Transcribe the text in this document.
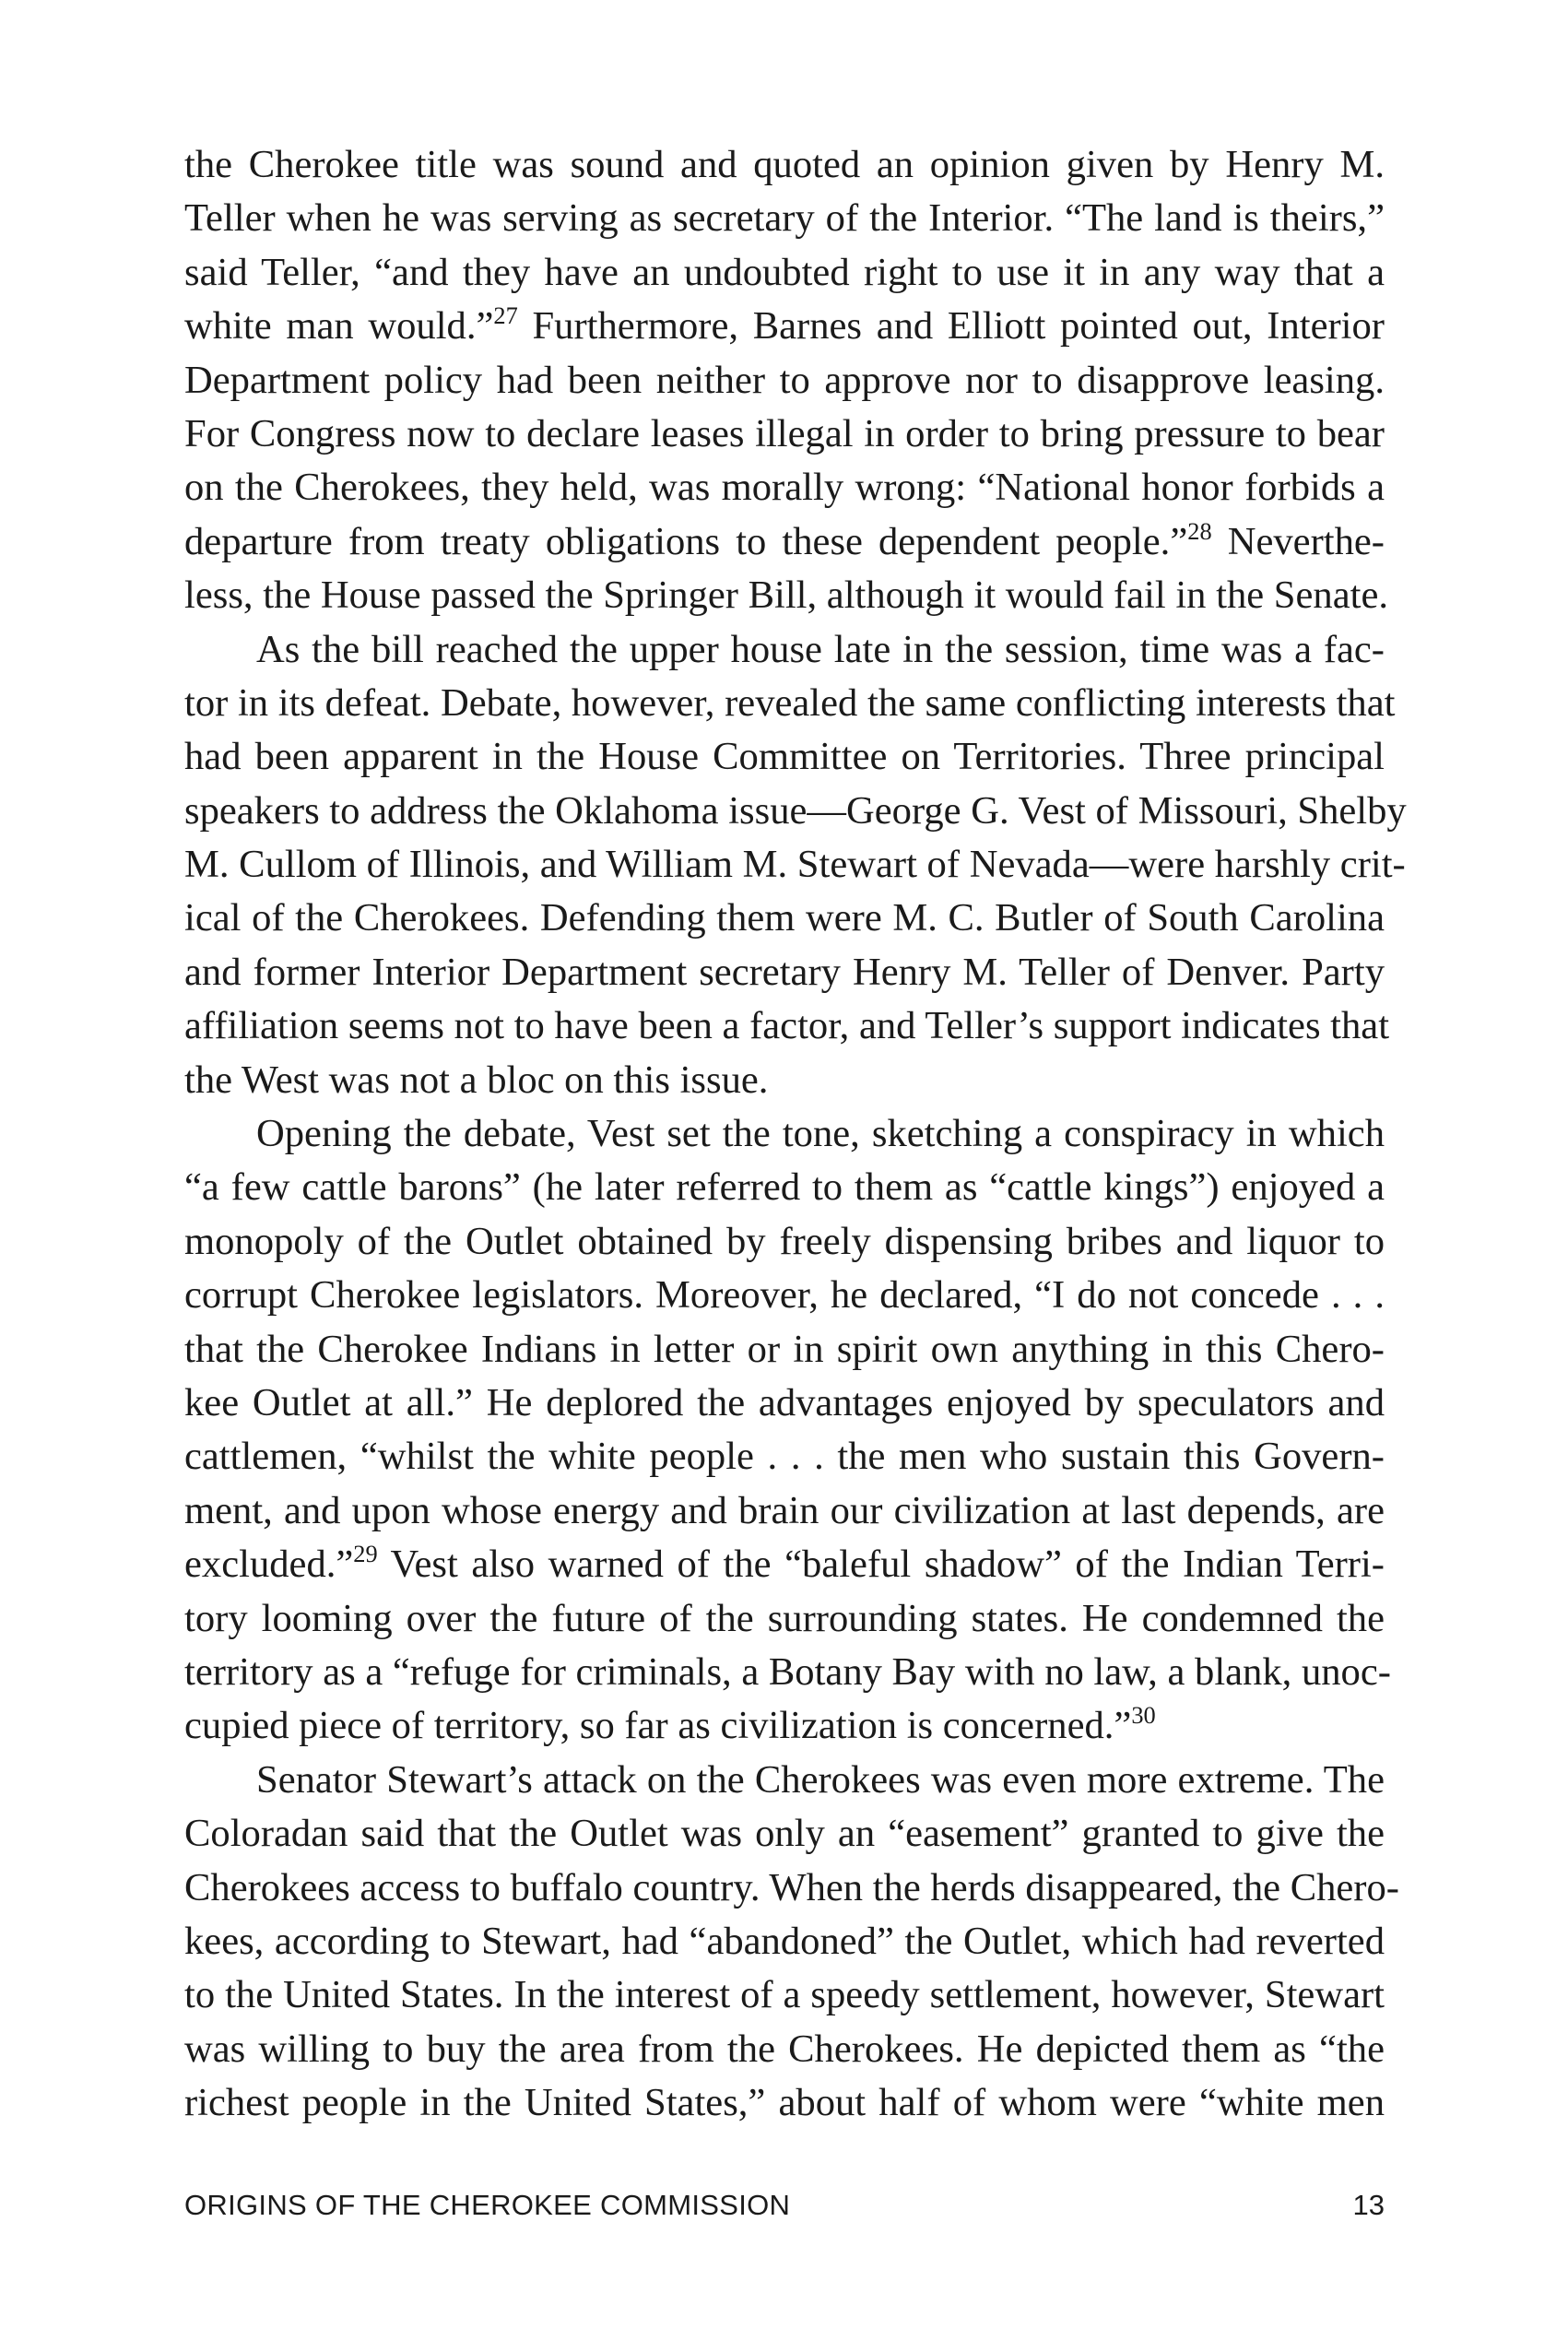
the Cherokee title was sound and quoted an opinion given by Henry M.
Teller when he was serving as secretary of the Interior. “The land is theirs,”
said Teller, “and they have an undoubted right to use it in any way that a
white man would.”$^{27}$ Furthermore, Barnes and Elliott pointed out, Interior
Department policy had been neither to approve nor to disapprove leasing.
For Congress now to declare leases illegal in order to bring pressure to bear
on the Cherokees, they held, was morally wrong: “National honor forbids a
departure from treaty obligations to these dependent people.”$^{28}$ Neverthe-
less, the House passed the Springer Bill, although it would fail in the Senate.
As the bill reached the upper house late in the session, time was a fac-
tor in its defeat. Debate, however, revealed the same conflicting interests that
had been apparent in the House Committee on Territories. Three principal
speakers to address the Oklahoma issue—George G. Vest of Missouri, Shelby
M. Cullom of Illinois, and William M. Stewart of Nevada—were harshly crit-
ical of the Cherokees. Defending them were M. C. Butler of South Carolina
and former Interior Department secretary Henry M. Teller of Denver. Party
affiliation seems not to have been a factor, and Teller’s support indicates that
the West was not a bloc on this issue.
Opening the debate, Vest set the tone, sketching a conspiracy in which
“a few cattle barons” (he later referred to them as “cattle kings”) enjoyed a
monopoly of the Outlet obtained by freely dispensing bribes and liquor to
corrupt Cherokee legislators. Moreover, he declared, “I do not concede . . .
that the Cherokee Indians in letter or in spirit own anything in this Chero-
kee Outlet at all.” He deplored the advantages enjoyed by speculators and
cattlemen, “whilst the white people . . . the men who sustain this Govern-
ment, and upon whose energy and brain our civilization at last depends, are
excluded.”$^{29}$ Vest also warned of the “baleful shadow” of the Indian Terri-
tory looming over the future of the surrounding states. He condemned the
territory as a “refuge for criminals, a Botany Bay with no law, a blank, unoc-
cupied piece of territory, so far as civilization is concerned.”$^{30}$
Senator Stewart’s attack on the Cherokees was even more extreme. The
Coloradan said that the Outlet was only an “easement” granted to give the
Cherokees access to buffalo country. When the herds disappeared, the Chero-
kees, according to Stewart, had “abandoned” the Outlet, which had reverted
to the United States. In the interest of a speedy settlement, however, Stewart
was willing to buy the area from the Cherokees. He depicted them as “the
richest people in the United States,” about half of whom were “white men
ORIGINS OF THE CHEROKEE COMMISSION	13
